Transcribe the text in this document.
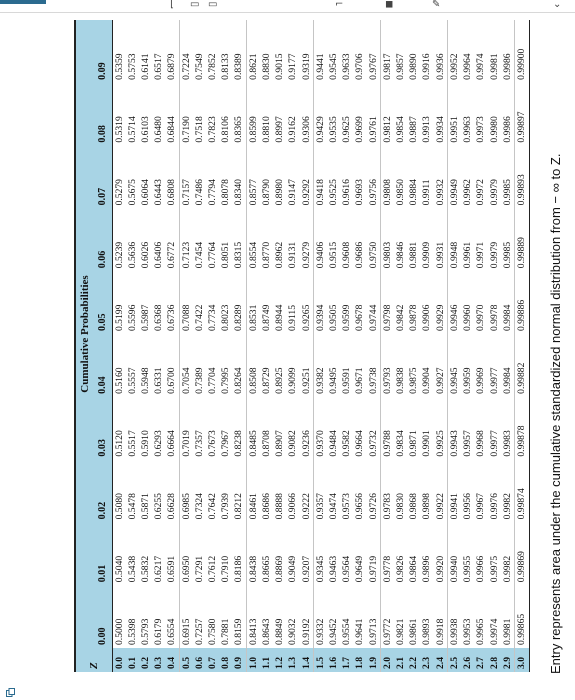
⌊ ▭ ▭	⌐	◼	✎	⌄
Z	Cumulative Probabilities									
	0.00	0.01	0.02	0.03	0.04	0.05	0.06	0.07	0.08	0.09
0.0	0.5000	0.5040	0.5080	0.5120	0.5160	0.5199	0.5239	0.5279	0.5319	0.5359
0.1	0.5398	0.5438	0.5478	0.5517	0.5557	0.5596	0.5636	0.5675	0.5714	0.5753
0.2	0.5793	0.5832	0.5871	0.5910	0.5948	0.5987	0.6026	0.6064	0.6103	0.6141
0.3	0.6179	0.6217	0.6255	0.6293	0.6331	0.6368	0.6406	0.6443	0.6480	0.6517
0.4	0.6554	0.6591	0.6628	0.6664	0.6700	0.6736	0.6772	0.6808	0.6844	0.6879
0.5	0.6915	0.6950	0.6985	0.7019	0.7054	0.7088	0.7123	0.7157	0.7190	0.7224
0.6	0.7257	0.7291	0.7324	0.7357	0.7389	0.7422	0.7454	0.7486	0.7518	0.7549
0.7	0.7580	0.7612	0.7642	0.7673	0.7704	0.7734	0.7764	0.7794	0.7823	0.7852
0.8	0.7881	0.7910	0.7939	0.7967	0.7995	0.8023	0.8051	0.8078	0.8106	0.8133
0.9	0.8159	0.8186	0.8212	0.8238	0.8264	0.8289	0.8315	0.8340	0.8365	0.8389
1.0	0.8413	0.8438	0.8461	0.8485	0.8508	0.8531	0.8554	0.8577	0.8599	0.8621
1.1	0.8643	0.8665	0.8686	0.8708	0.8729	0.8749	0.8770	0.8790	0.8810	0.8830
1.2	0.8849	0.8869	0.8888	0.8907	0.8925	0.8944	0.8962	0.8980	0.8997	0.9015
1.3	0.9032	0.9049	0.9066	0.9082	0.9099	0.9115	0.9131	0.9147	0.9162	0.9177
1.4	0.9192	0.9207	0.9222	0.9236	0.9251	0.9265	0.9279	0.9292	0.9306	0.9319
1.5	0.9332	0.9345	0.9357	0.9370	0.9382	0.9394	0.9406	0.9418	0.9429	0.9441
1.6	0.9452	0.9463	0.9474	0.9484	0.9495	0.9505	0.9515	0.9525	0.9535	0.9545
1.7	0.9554	0.9564	0.9573	0.9582	0.9591	0.9599	0.9608	0.9616	0.9625	0.9633
1.8	0.9641	0.9649	0.9656	0.9664	0.9671	0.9678	0.9686	0.9693	0.9699	0.9706
1.9	0.9713	0.9719	0.9726	0.9732	0.9738	0.9744	0.9750	0.9756	0.9761	0.9767
2.0	0.9772	0.9778	0.9783	0.9788	0.9793	0.9798	0.9803	0.9808	0.9812	0.9817
2.1	0.9821	0.9826	0.9830	0.9834	0.9838	0.9842	0.9846	0.9850	0.9854	0.9857
2.2	0.9861	0.9864	0.9868	0.9871	0.9875	0.9878	0.9881	0.9884	0.9887	0.9890
2.3	0.9893	0.9896	0.9898	0.9901	0.9904	0.9906	0.9909	0.9911	0.9913	0.9916
2.4	0.9918	0.9920	0.9922	0.9925	0.9927	0.9929	0.9931	0.9932	0.9934	0.9936
2.5	0.9938	0.9940	0.9941	0.9943	0.9945	0.9946	0.9948	0.9949	0.9951	0.9952
2.6	0.9953	0.9955	0.9956	0.9957	0.9959	0.9960	0.9961	0.9962	0.9963	0.9964
2.7	0.9965	0.9966	0.9967	0.9968	0.9969	0.9970	0.9971	0.9972	0.9973	0.9974
2.8	0.9974	0.9975	0.9976	0.9977	0.9977	0.9978	0.9979	0.9979	0.9980	0.9981
2.9	0.9981	0.9982	0.9982	0.9983	0.9984	0.9984	0.9985	0.9985	0.9986	0.9986
3.0	0.99865	0.99869	0.99874	0.99878	0.99882	0.99886	0.99889	0.99893	0.99897	0.99900
Entry represents area under the cumulative standardized normal distribution from − ∞ to Z.
